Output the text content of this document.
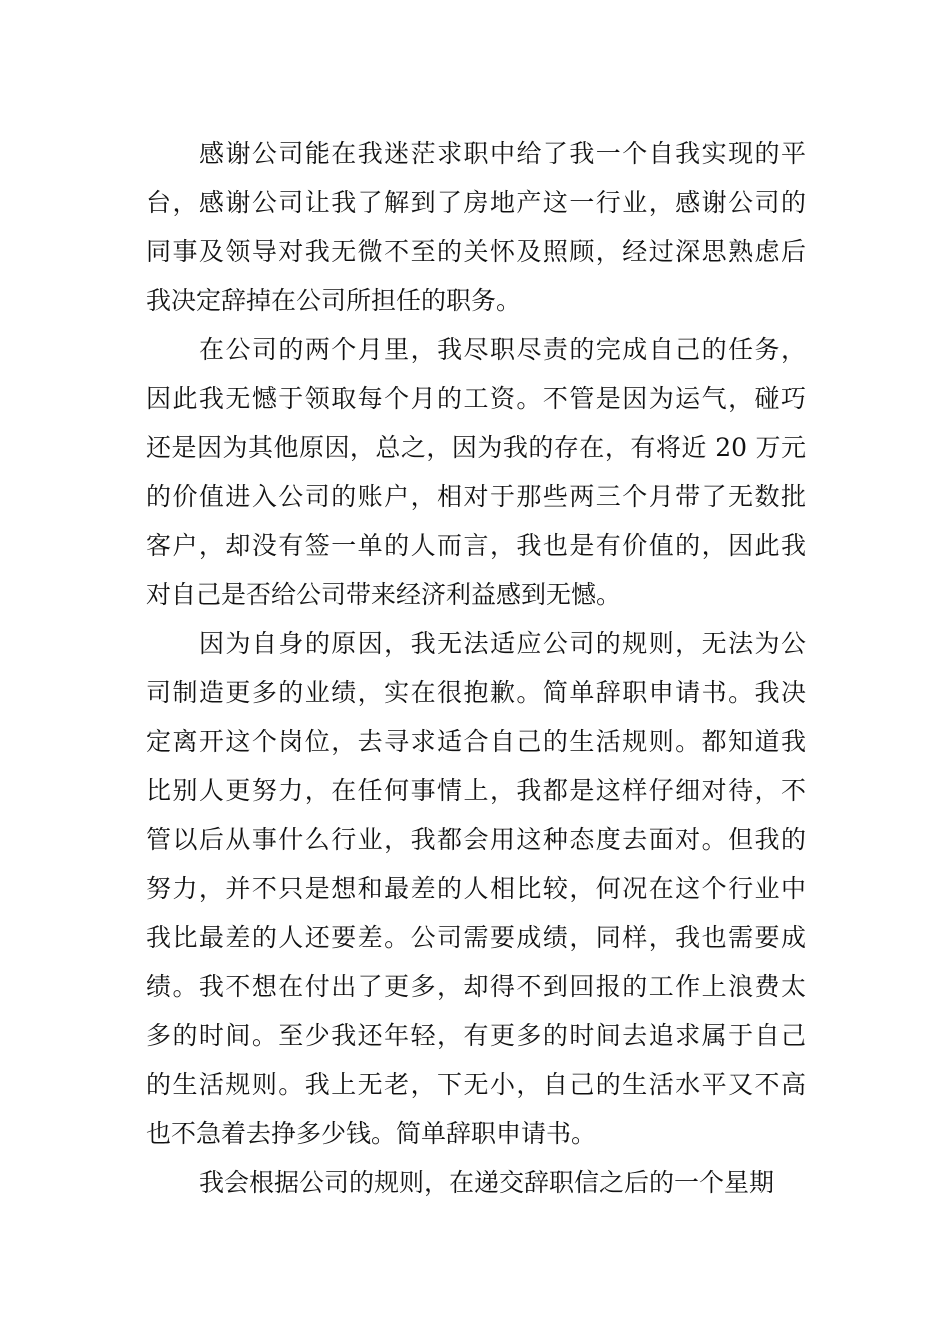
感谢公司能在我迷茫求职中给了我一个自我实现的平
台，感谢公司让我了解到了房地产这一行业，感谢公司的
同事及领导对我无微不至的关怀及照顾，经过深思熟虑后
我决定辞掉在公司所担任的职务。
在公司的两个月里，我尽职尽责的完成自己的任务，
因此我无憾于领取每个月的工资。不管是因为运气，碰巧
还是因为其他原因，总之，因为我的存在，有将近 20 万元
的价值进入公司的账户，相对于那些两三个月带了无数批
客户，却没有签一单的人而言，我也是有价值的，因此我
对自己是否给公司带来经济利益感到无憾。
因为自身的原因，我无法适应公司的规则，无法为公
司制造更多的业绩，实在很抱歉。简单辞职申请书。我决
定离开这个岗位，去寻求适合自己的生活规则。都知道我
比别人更努力，在任何事情上，我都是这样仔细对待，不
管以后从事什么行业，我都会用这种态度去面对。但我的
努力，并不只是想和最差的人相比较，何况在这个行业中
我比最差的人还要差。公司需要成绩，同样，我也需要成
绩。我不想在付出了更多，却得不到回报的工作上浪费太
多的时间。至少我还年轻，有更多的时间去追求属于自己
的生活规则。我上无老，下无小，自己的生活水平又不高
也不急着去挣多少钱。简单辞职申请书。
我会根据公司的规则，在递交辞职信之后的一个星期
